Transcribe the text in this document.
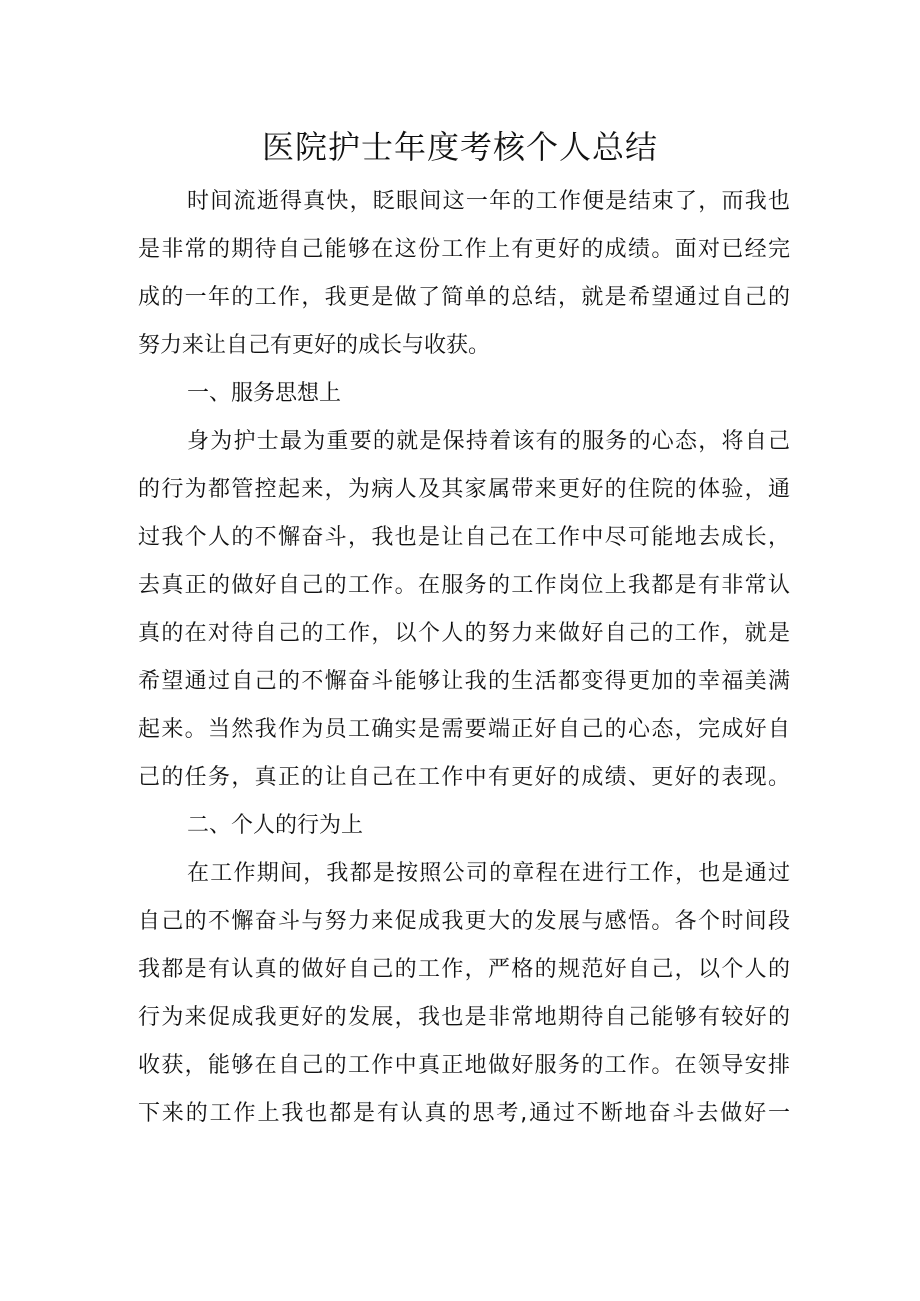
医院护士年度考核个人总结

时间流逝得真快，眨眼间这一年的工作便是结束了，而我也

是非常的期待自己能够在这份工作上有更好的成绩。面对已经完

成的一年的工作，我更是做了简单的总结，就是希望通过自己的

努力来让自己有更好的成长与收获。

一、服务思想上

身为护士最为重要的就是保持着该有的服务的心态，将自己

的行为都管控起来，为病人及其家属带来更好的住院的体验，通

过我个人的不懈奋斗，我也是让自己在工作中尽可能地去成长，

去真正的做好自己的工作。在服务的工作岗位上我都是有非常认

真的在对待自己的工作，以个人的努力来做好自己的工作，就是

希望通过自己的不懈奋斗能够让我的生活都变得更加的幸福美满

起来。当然我作为员工确实是需要端正好自己的心态，完成好自

己的任务，真正的让自己在工作中有更好的成绩、更好的表现。

二、个人的行为上

在工作期间，我都是按照公司的章程在进行工作，也是通过

自己的不懈奋斗与努力来促成我更大的发展与感悟。各个时间段

我都是有认真的做好自己的工作，严格的规范好自己，以个人的

行为来促成我更好的发展，我也是非常地期待自己能够有较好的

收获，能够在自己的工作中真正地做好服务的工作。在领导安排

下来的工作上我也都是有认真的思考,通过不断地奋斗去做好一
